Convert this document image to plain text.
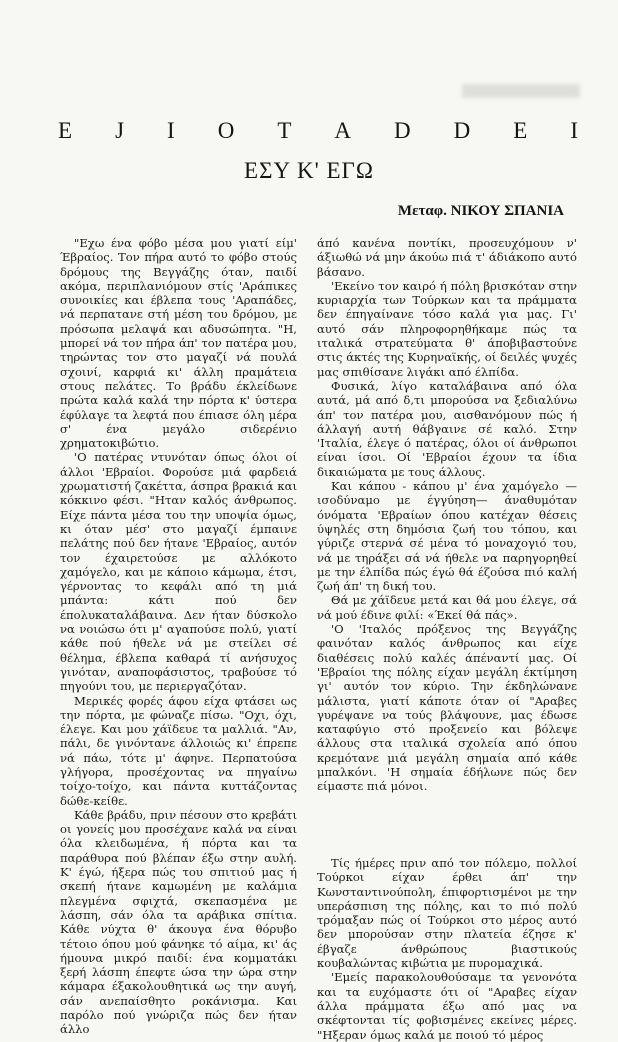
E J I O T A D D E I
ΕΣΥ Κ' ΕΓΩ
Μεταφ. ΝΙΚΟΥ ΣΠΑΝΙΑ

"Εχω ένα φόβο μέσα μου γιατί είμ' Έβραίος. Τον πήρα αυτό το φόβο στούς δρόμους της Βεγγάζης όταν, παιδί ακόμα, περιπλανιόμουν στίς 'Αράπικες συνοικίες και έβλεπα τους 'Αραπάδες, νά περπατανε στή μέση του δρόμου, με πρόσωπα μελαψά και αδυσώπητα. "Η, μπορεί νά τον πήρα άπ' τον πατέρα μου, τηρώντας τον στο μαγαζί νά πουλά σχοινί, καρφιά κι' άλλη πραμάτεια στους πελάτες. Το βράδυ έκλείδωνε πρώτα καλά καλά την πόρτα κ' ύστερα έφύλαγε τα λεφτά που έπιασε όλη μέρα σ' ένα μεγάλο σιδερένιο χρηματοκιβώτιο.

'Ο πατέρας ντυνόταν όπως όλοι οί άλλοι 'Εβραίοι. Φορούσε μιά φαρδειά χρωματιστή ζακέττα, άσπρα βρακιά και κόκκινο φέσι. "Ηταν καλός άνθρωπος. Είχε πάντα μέσα του την υποψία όμως, κι όταν μέσ' στο μαγαζί έμπαινε πελάτης πού δεν ήτανε 'Εβραίος, αυτόν τον έχαιρετούσε με αλλόκοτο χαμόγελο, και με κάποιο κάμωμα, έτσι, γέρνοντας το κεφάλι από τη μιά μπάντα: κάτι πού δεν έπολυκαταλάβαινα. Δεν ήταν δύσκολο να νοιώσω ότι μ' αγαπούσε πολύ, γιατί κάθε πού ήθελε νά με στείλει σέ θέλημα, έβλεπα καθαρά τί ανήσυχος γινόταν, αναποφάσιστος, τραβούσε τό πηγούνι του, με περιεργαζόταν.

Μερικές φορές άφου είχα φτάσει ως την πόρτα, με φώναζε πίσω. "Οχι, όχι, έλεγε. Και μου χάϊδευε τα μαλλιά. "Αν, πάλι, δε γινόντανε άλλοιώς κι' έπρεπε νά πάω, τότε μ' άφηνε. Περπατούσα γλήγορα, προσέχοντας να πηγαίνω τοίχο-τοίχο, και πάντα κυττάζοντας δώθε-κείθε.

Κάθε βράδυ, πριν πέσουν στο κρεβάτι οι γονείς μου προσέχανε καλά να είναι όλα κλειδωμένα, ή πόρτα και τα παράθυρα πού βλέπαν έξω στην αυλή. Κ' έγώ, ήξερα πώς του σπιτιού μας ή σκεπή ήτανε καμωμένη με καλάμια πλεγμένα σφιχτά, σκεπασμένα με λάσπη, σάν όλα τα αράβικα σπίτια. Κάθε νύχτα θ' άκουγα ένα θόρυβο τέτοιο όπου μού φάνηκε τό αίμα, κι' άς ήμουνα μικρό παιδί: ένα κομματάκι ξερή λάσπη έπεφτε ώσα την ώρα στην κάμαρα έξακολουθητικά ως την αυγή, σάν ανεπαίσθητο ροκάνισμα. Και παρόλο πού γνώριζα πώς δεν ήταν άλλο

άπό κανένα ποντίκι, προσευχόμουν ν' άξιωθώ νά μην άκούω πιά τ' άδιάκοπο αυτό βάσανο.

'Εκείνο τον καιρό ή πόλη βρισκόταν στην κυριαρχία των Τούρκων και τα πράμματα δεν έπηγαίνανε τόσο καλά για μας. Γι' αυτό σάν πληροφορηθήκαμε πώς τα ιταλικά στρατεύματα θ' άποβιβαστούνε στις άκτές της Κυρηναϊκής, οί δειλές ψυχές μας σπιθίσανε λιγάκι από έλπίδα.

Φυσικά, λίγο καταλάβαινα από όλα αυτά, μά από δ,τι μπορούσα να ξεδιαλύνω άπ' τον πατέρα μου, αισθανόμουν πώς ή άλλαγή αυτή θάβγαινε σέ καλό. Στην 'Ιταλία, έλεγε ό πατέρας, όλοι οί άνθρωποι είναι ίσοι. Οί 'Εβραίοι έχουν τα ίδια δικαιώματα με τους άλλους.

Και κάπου - κάπου μ' ένα χαμόγελο —ισοδύναμο με έγγύηση— άναθυμόταν όνόματα 'Εβραίων όπου κατέχαν θέσεις ύψηλές στη δημόσια ζωή του τόπου, και γύριζε στερνά σέ μένα τό μοναχογιό του, νά με τηράξει σά νά ήθελε να παρηγορηθεί με την έλπίδα πώς έγώ θά έζούσα πιό καλή ζωή άπ' τη δική του.

Θά με χάϊδευε μετά και θά μου έλεγε, σά νά μού έδινε φιλί: «Έκεί θά πάς».

'Ο 'Ιταλός πρόξενος της Βεγγάζης φαινόταν καλός άνθρωπος και είχε διαθέσεις πολύ καλές άπέναντί μας. Οί 'Εβραίοι της πόλης είχαν μεγάλη έκτίμηση γι' αυτόν τον κύριο. Την έκδηλώνανε μάλιστα, γιατί κάποτε όταν οί "Αραβες γυρέψανε να τούς βλάψουνε, μας έδωσε καταφύγιο στό προξενείο και βόλεψε άλλους στα ιταλικά σχολεία από όπου κρεμότανε μιά μεγάλη σημαία από κάθε μπαλκόνι. 'Η σημαία έδήλωνε πώς δεν είμαστε πιά μόνοι.

Τίς ήμέρες πριν από τον πόλεμο, πολλοί Τούρκοι είχαν έρθει άπ' την Κωνσταντινούπολη, έπιφορτισμένοι με την υπεράσπιση της πόλης, και το πιό πολύ τρόμαξαν πώς οί Τούρκοι στο μέρος αυτό δεν μπορούσαν στην πλατεία έζησε κ' έβγαζε άνθρώπους βιαστικούς κουβαλώντας κιβώτια με πυρομαχικά.

'Εμείς παρακολουθούσαμε τα γενονότα και τα ευχόμαστε ότι οί "Αραβες είχαν άλλα πράμματα έξω από μας να σκέφτονται τίς φοβισμένες εκείνες μέρες. "Ηξεραν όμως καλά με ποιού τό μέρος
